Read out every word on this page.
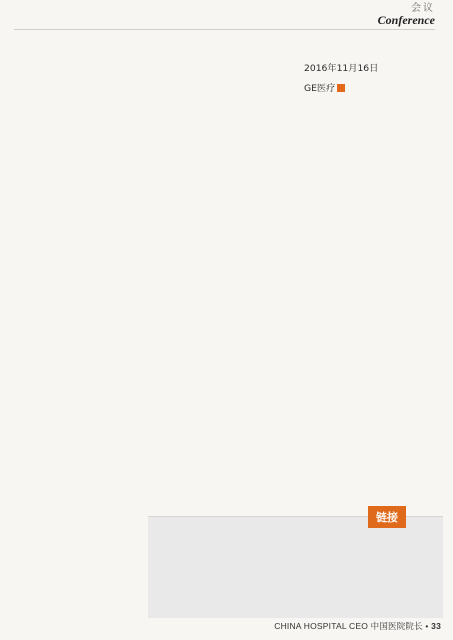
会议
Conference

2016年11月16日

GE医疗

链接

CHINA HOSPITAL CEO 中国医院院长 • 33
